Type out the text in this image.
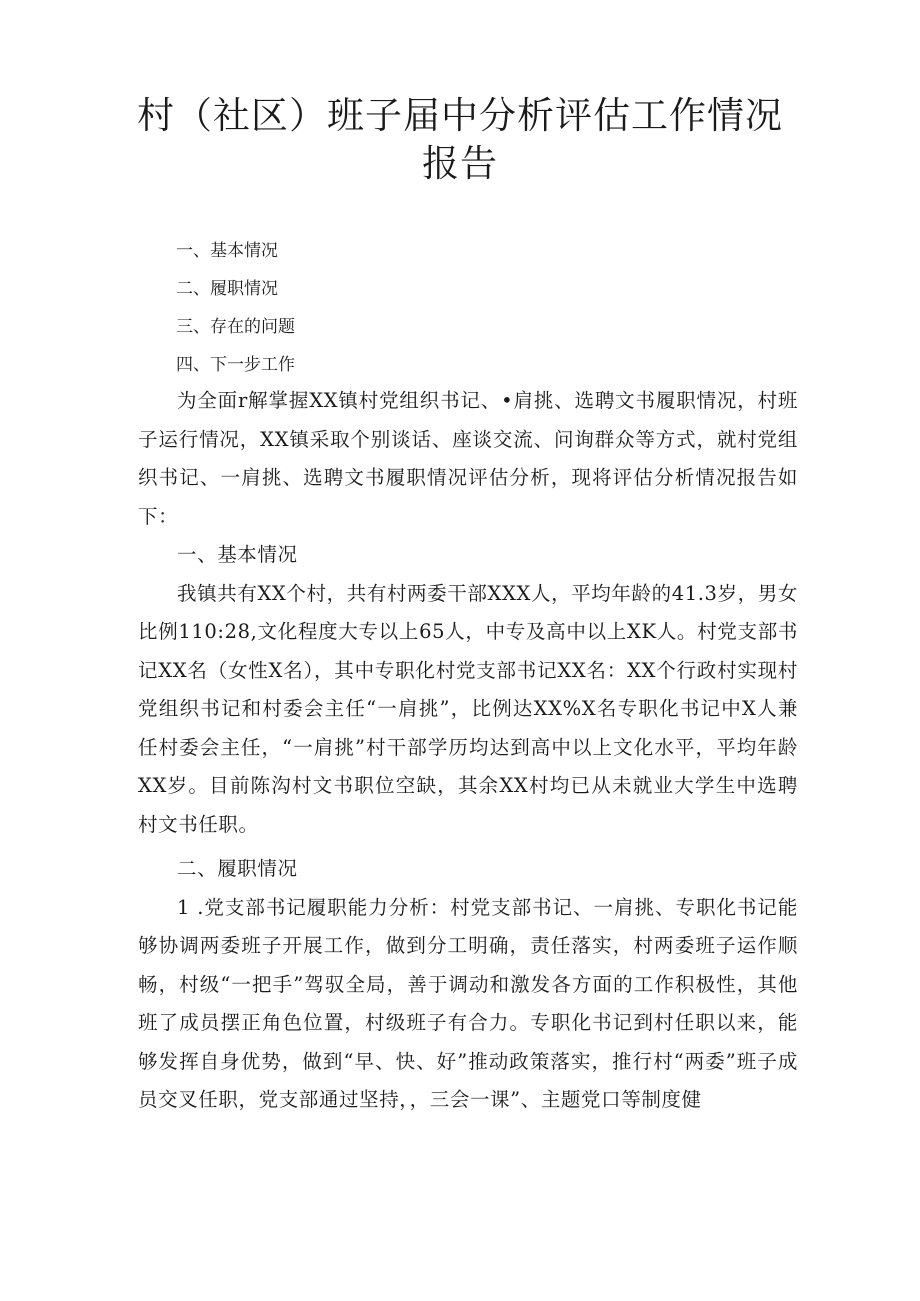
村（社区）班子届中分析评估工作情况报告
一、基本情况
二、履职情况
三、存在的问题
四、下一步工作

为全面r解掌握XX镇村党组织书记、•肩挑、选聘文书履职情况，村班子运行情况，XX镇采取个别谈话、座谈交流、问询群众等方式，就村党组织书记、一肩挑、选聘文书履职情况评估分析，现将评估分析情况报告如下：

一、基本情况

我镇共有XX个村，共有村两委干部XXX人，平均年龄的41.3岁，男女比例110:28,文化程度大专以上65人，中专及高中以上XK人。村党支部书记XX名（女性X名），其中专职化村党支部书记XX名：XX个行政村实现村党组织书记和村委会主任“一肩挑”，比例达XX%X名专职化书记中X人兼任村委会主任，“一肩挑”村干部学历均达到高中以上文化水平，平均年龄XX岁。目前陈沟村文书职位空缺，其余XX村均已从未就业大学生中选聘村文书任职。

二、履职情况

1 .党支部书记履职能力分析：村党支部书记、一肩挑、专职化书记能够协调两委班子开展工作，做到分工明确，责任落实，村两委班子运作顺畅，村级“一把手”驾驭全局，善于调动和激发各方面的工作积极性，其他班了成员摆正角色位置，村级班子有合力。专职化书记到村任职以来，能够发挥自身优势，做到“早、快、好”推动政策落实，推行村“两委”班子成员交叉任职，党支部通过坚持，，三会一课”、主题党口等制度健
